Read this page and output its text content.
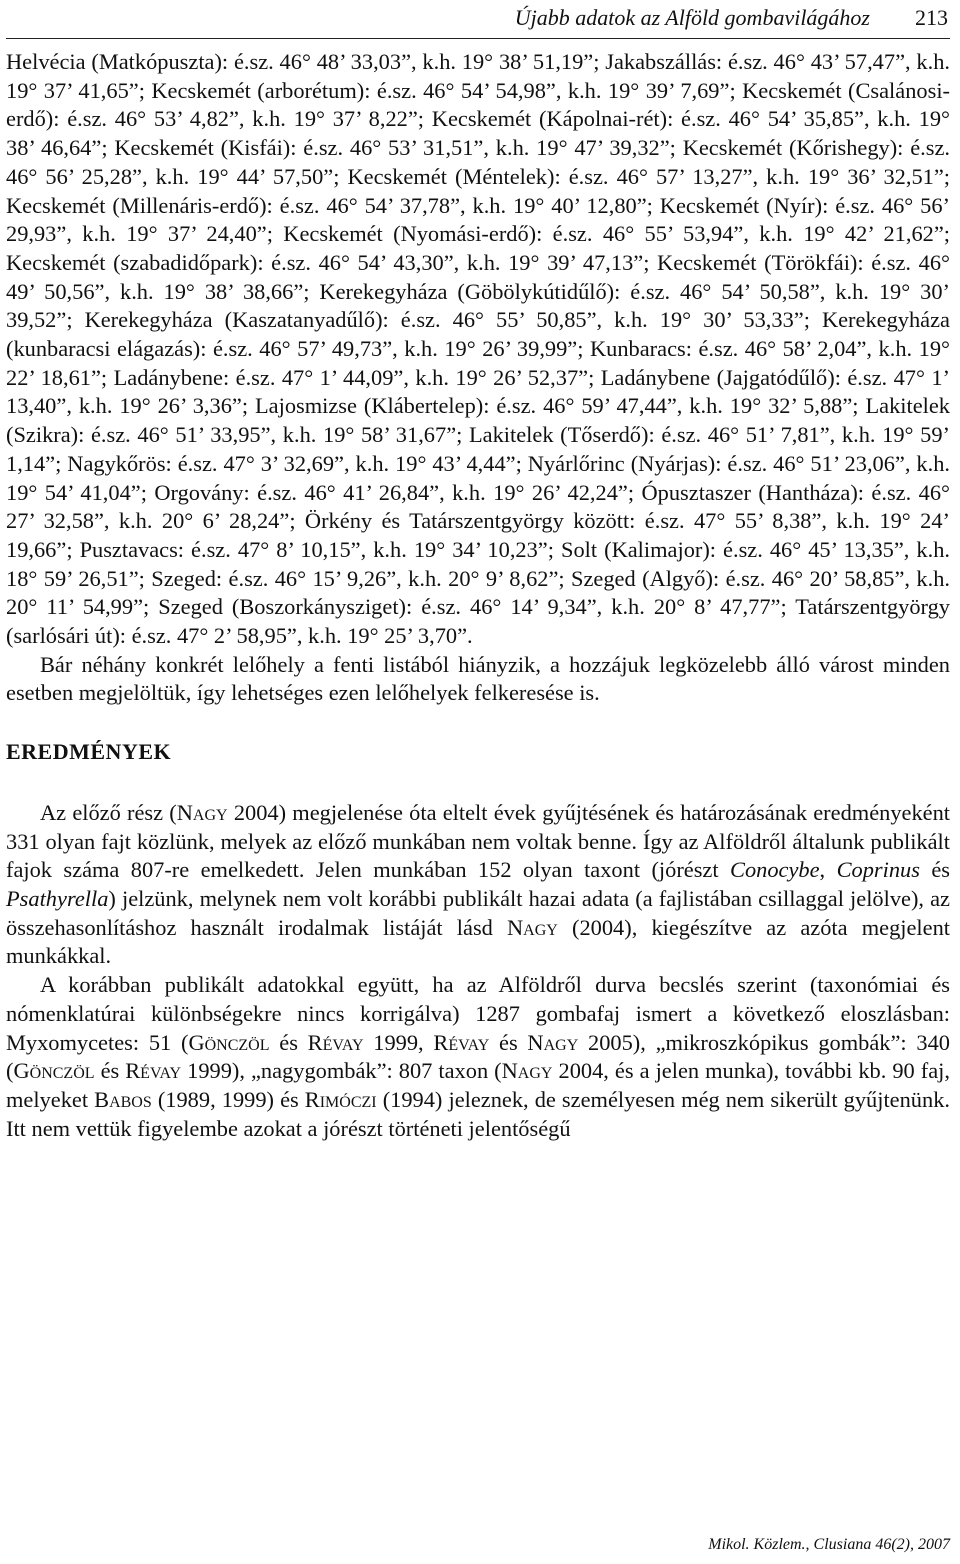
Újabb adatok az Alföld gombavilágához 213

Helvécia (Matkópuszta): é.sz. 46° 48’ 33,03”, k.h. 19° 38’ 51,19”; Jakabszállás: é.sz. 46° 43’ 57,47”, k.h. 19° 37’ 41,65”; Kecskemét (arborétum): é.sz. 46° 54’ 54,98”, k.h. 19° 39’ 7,69”; Kecskemét (Csalánosi-erdő): é.sz. 46° 53’ 4,82”, k.h. 19° 37’ 8,22”; Kecskemét (Kápolnai-rét): é.sz. 46° 54’ 35,85”, k.h. 19° 38’ 46,64”; Kecskemét (Kisfái): é.sz. 46° 53’ 31,51”, k.h. 19° 47’ 39,32”; Kecskemét (Kőrishegy): é.sz. 46° 56’ 25,28”, k.h. 19° 44’ 57,50”; Kecskemét (Méntelek): é.sz. 46° 57’ 13,27”, k.h. 19° 36’ 32,51”; Kecskemét (Millenáris-erdő): é.sz. 46° 54’ 37,78”, k.h. 19° 40’ 12,80”; Kecskemét (Nyír): é.sz. 46° 56’ 29,93”, k.h. 19° 37’ 24,40”; Kecskemét (Nyomási-erdő): é.sz. 46° 55’ 53,94”, k.h. 19° 42’ 21,62”; Kecskemét (szabadidőpark): é.sz. 46° 54’ 43,30”, k.h. 19° 39’ 47,13”; Kecskemét (Törökfái): é.sz. 46° 49’ 50,56”, k.h. 19° 38’ 38,66”; Kerekegyháza (Göbölykútidűlő): é.sz. 46° 54’ 50,58”, k.h. 19° 30’ 39,52”; Kerekegyháza (Kaszatanyadűlő): é.sz. 46° 55’ 50,85”, k.h. 19° 30’ 53,33”; Kerekegyháza (kunbaracsi elágazás): é.sz. 46° 57’ 49,73”, k.h. 19° 26’ 39,99”; Kunbaracs: é.sz. 46° 58’ 2,04”, k.h. 19° 22’ 18,61”; Ladánybene: é.sz. 47° 1’ 44,09”, k.h. 19° 26’ 52,37”; Ladánybene (Jajgatódűlő): é.sz. 47° 1’ 13,40”, k.h. 19° 26’ 3,36”; Lajosmizse (Klábertelep): é.sz. 46° 59’ 47,44”, k.h. 19° 32’ 5,88”; Lakitelek (Szikra): é.sz. 46° 51’ 33,95”, k.h. 19° 58’ 31,67”; Lakitelek (Tőserdő): é.sz. 46° 51’ 7,81”, k.h. 19° 59’ 1,14”; Nagykőrös: é.sz. 47° 3’ 32,69”, k.h. 19° 43’ 4,44”; Nyárlőrinc (Nyárjas): é.sz. 46° 51’ 23,06”, k.h. 19° 54’ 41,04”; Orgovány: é.sz. 46° 41’ 26,84”, k.h. 19° 26’ 42,24”; Ópusztaszer (Hantháza): é.sz. 46° 27’ 32,58”, k.h. 20° 6’ 28,24”; Örkény és Tatárszentgyörgy között: é.sz. 47° 55’ 8,38”, k.h. 19° 24’ 19,66”; Pusztavacs: é.sz. 47° 8’ 10,15”, k.h. 19° 34’ 10,23”; Solt (Kalimajor): é.sz. 46° 45’ 13,35”, k.h. 18° 59’ 26,51”; Szeged: é.sz. 46° 15’ 9,26”, k.h. 20° 9’ 8,62”; Szeged (Algyő): é.sz. 46° 20’ 58,85”, k.h. 20° 11’ 54,99”; Szeged (Boszorkánysziget): é.sz. 46° 14’ 9,34”, k.h. 20° 8’ 47,77”; Tatárszentgyörgy (sarlósári út): é.sz. 47° 2’ 58,95”, k.h. 19° 25’ 3,70”.

Bár néhány konkrét lelőhely a fenti listából hiányzik, a hozzájuk legközelebb álló várost minden esetben megjelöltük, így lehetséges ezen lelőhelyek felkeresése is.

EREDMÉNYEK

Az előző rész (Nagy 2004) megjelenése óta eltelt évek gyűjtésének és határozásának eredményeként 331 olyan fajt közlünk, melyek az előző munkában nem voltak benne. Így az Alföldről általunk publikált fajok száma 807-re emelkedett. Jelen munkában 152 olyan taxont (jórészt Conocybe, Coprinus és Psathyrella) jelzünk, melynek nem volt korábbi publikált hazai adata (a fajlistában csillaggal jelölve), az összehasonlításhoz használt irodalmak listáját lásd Nagy (2004), kiegészítve az azóta megjelent munkákkal.

A korábban publikált adatokkal együtt, ha az Alföldről durva becslés szerint (taxonómiai és nómenklatúrai különbségekre nincs korrigálva) 1287 gombafaj ismert a következő eloszlásban: Myxomycetes: 51 (Gönczöl és Révay 1999, Révay és Nagy 2005), „mikroszkópikus gombák”: 340 (Gönczöl és Révay 1999), „nagygombák”: 807 taxon (Nagy 2004, és a jelen munka), további kb. 90 faj, melyeket Babos (1989, 1999) és Rimóczi (1994) jeleznek, de személyesen még nem sikerült gyűjtenünk. Itt nem vettük figyelembe azokat a jórészt történeti jelentőségű

Mikol. Közlem., Clusiana 46(2), 2007
